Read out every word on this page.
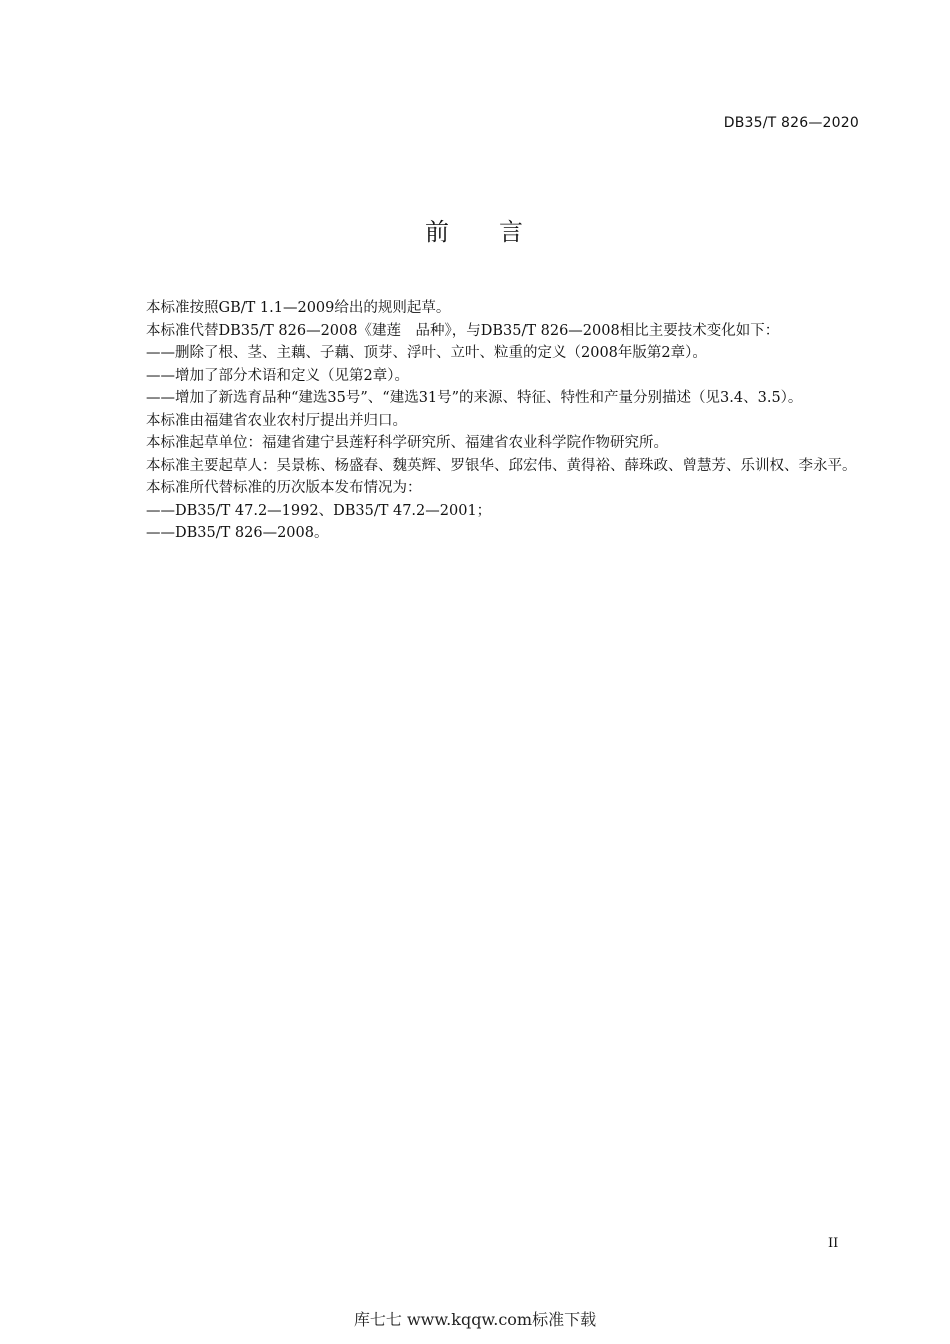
DB35/T 826—2020
前 言

本标准按照GB/T 1.1—2009给出的规则起草。

本标准代替DB35/T 826—2008《建莲　品种》，与DB35/T 826—2008相比主要技术变化如下：

——删除了根、茎、主藕、子藕、顶芽、浮叶、立叶、粒重的定义（2008年版第2章）。

——增加了部分术语和定义（见第2章）。

——增加了新选育品种“建选35号”、“建选31号”的来源、特征、特性和产量分别描述（见3.4、3.5）。

本标准由福建省农业农村厅提出并归口。

本标准起草单位：福建省建宁县莲籽科学研究所、福建省农业科学院作物研究所。

本标准主要起草人：吴景栋、杨盛春、魏英辉、罗银华、邱宏伟、黄得裕、薛珠政、曾慧芳、乐训权、李永平。

本标准所代替标准的历次版本发布情况为：

——DB35/T 47.2—1992、DB35/T 47.2—2001；

——DB35/T 826—2008。

II
库七七 www.kqqw.com标准下载
